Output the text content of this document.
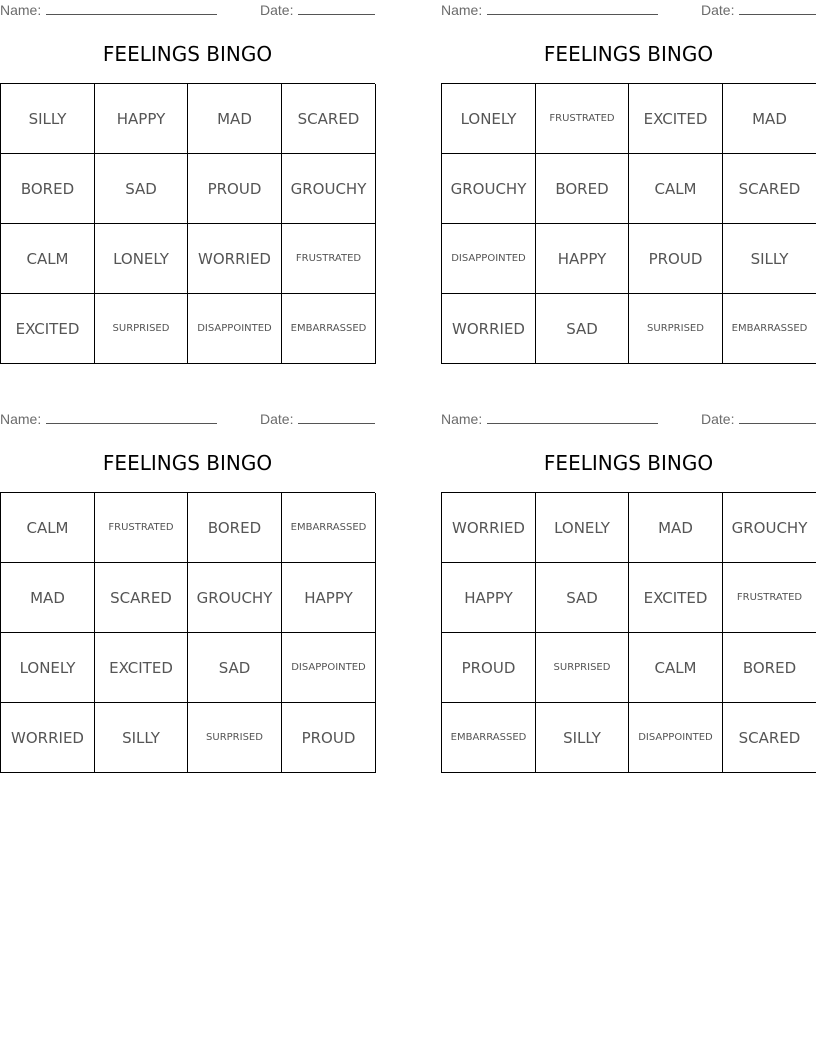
Name:	Date:
FEELINGS BINGO
SILLY	HAPPY	MAD	SCARED
BORED	SAD	PROUD	GROUCHY
CALM	LONELY	WORRIED	FRUSTRATED
EXCITED	SURPRISED	DISAPPOINTED	EMBARRASSED
Name:	Date:
FEELINGS BINGO
LONELY	FRUSTRATED	EXCITED	MAD
GROUCHY	BORED	CALM	SCARED
DISAPPOINTED	HAPPY	PROUD	SILLY
WORRIED	SAD	SURPRISED	EMBARRASSED
Name:	Date:
FEELINGS BINGO
CALM	FRUSTRATED	BORED	EMBARRASSED
MAD	SCARED	GROUCHY	HAPPY
LONELY	EXCITED	SAD	DISAPPOINTED
WORRIED	SILLY	SURPRISED	PROUD
Name:	Date:
FEELINGS BINGO
WORRIED	LONELY	MAD	GROUCHY
HAPPY	SAD	EXCITED	FRUSTRATED
PROUD	SURPRISED	CALM	BORED
EMBARRASSED	SILLY	DISAPPOINTED	SCARED
